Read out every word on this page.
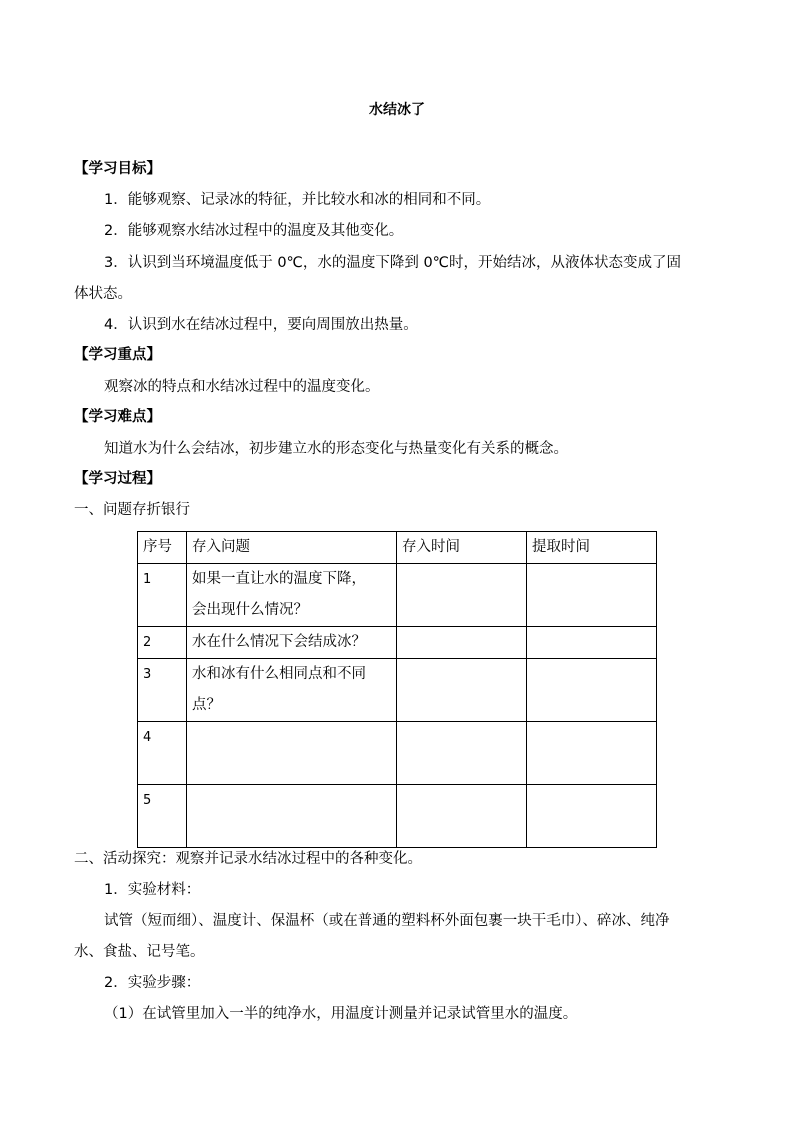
水结冰了
【学习目标】
1．能够观察、记录冰的特征，并比较水和冰的相同和不同。
2．能够观察水结冰过程中的温度及其他变化。
3．认识到当环境温度低于 0℃，水的温度下降到 0℃时，开始结冰，从液体状态变成了固
体状态。
4．认识到水在结冰过程中，要向周围放出热量。
【学习重点】
观察冰的特点和水结冰过程中的温度变化。
【学习难点】
知道水为什么会结冰，初步建立水的形态变化与热量变化有关系的概念。
【学习过程】
一、问题存折银行
序号	存入问题	存入时间	提取时间
1	如果一直让水的温度下降，
会出现什么情况？		
2	水在什么情况下会结成冰？		
3	水和冰有什么相同点和不同
点？		
4			
5			
二、活动探究：观察并记录水结冰过程中的各种变化。
1．实验材料：
试管（短而细）、温度计、保温杯（或在普通的塑料杯外面包裹一块干毛巾）、碎冰、纯净
水、食盐、记号笔。
2．实验步骤：
（1）在试管里加入一半的纯净水，用温度计测量并记录试管里水的温度。
